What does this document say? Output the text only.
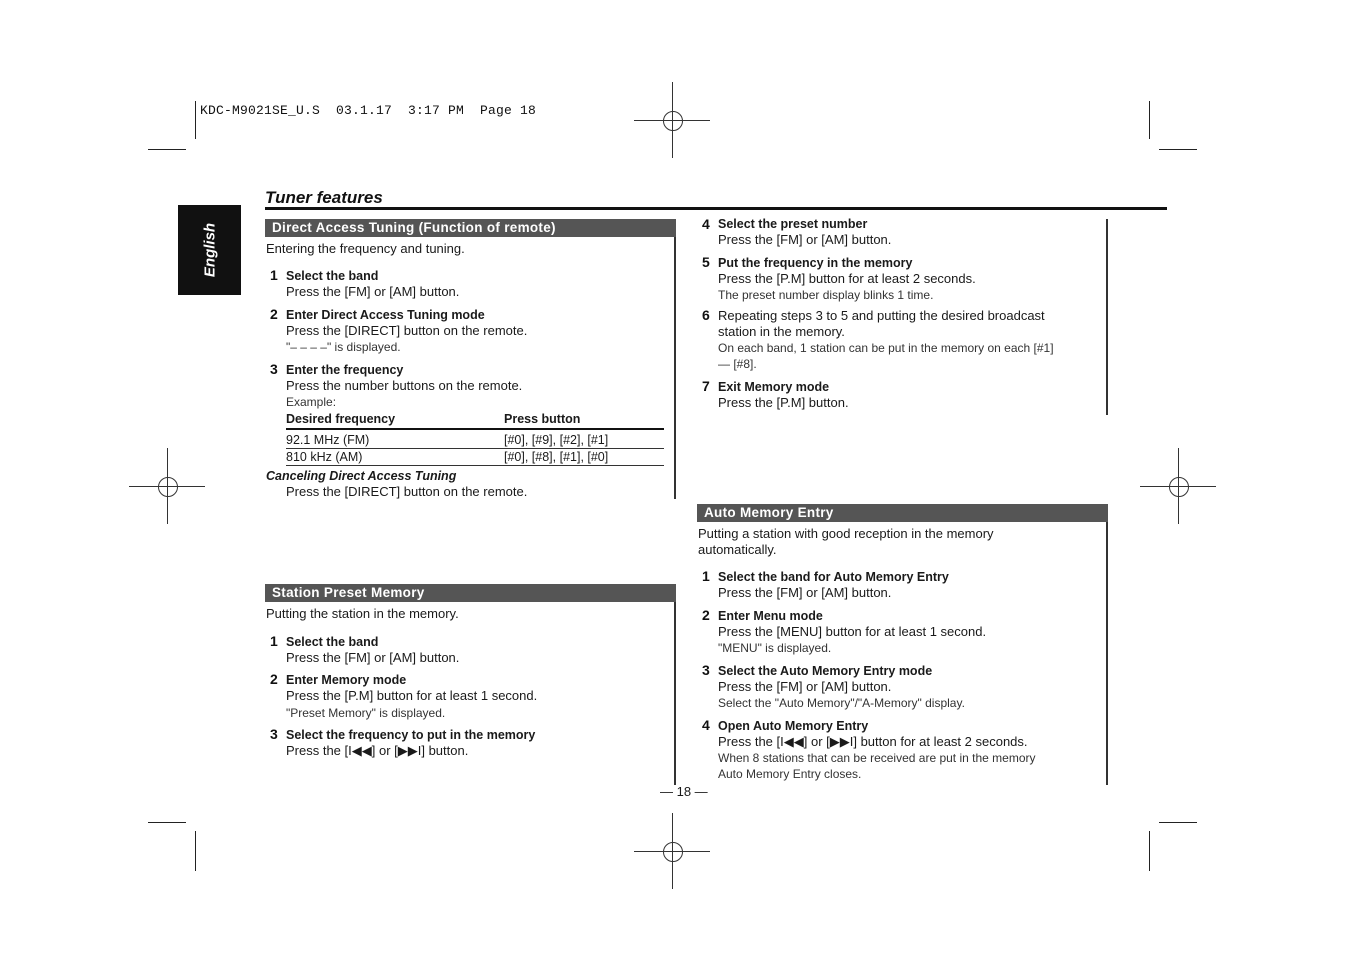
KDC-M9021SE_U.S  03.1.17  3:17 PM  Page 18
English
Tuner features
Direct Access Tuning (Function of remote)
Entering the frequency and tuning.
1 Select the band
Press the [FM] or [AM] button.
2 Enter Direct Access Tuning mode
Press the [DIRECT] button on the remote.
"– – – –" is displayed.
3 Enter the frequency
Press the number buttons on the remote.
Example:
Desired frequency	Press button
92.1 MHz (FM)	[#0], [#9], [#2], [#1]
810 kHz (AM)	[#0], [#8], [#1], [#0]
Canceling Direct Access Tuning
Press the [DIRECT] button on the remote.
Station Preset Memory
Putting the station in the memory.
1 Select the band
Press the [FM] or [AM] button.
2 Enter Memory mode
Press the [P.M] button for at least 1 second.
"Preset Memory" is displayed.
3 Select the frequency to put in the memory
Press the [I◀◀] or [▶▶I] button.
4 Select the preset number
Press the [FM] or [AM] button.
5 Put the frequency in the memory
Press the [P.M] button for at least 2 seconds.
The preset number display blinks 1 time.
6 Repeating steps 3 to 5 and putting the desired broadcast
station in the memory.
On each band, 1 station can be put in the memory on each [#1]
— [#8].
7 Exit Memory mode
Press the [P.M] button.
Auto Memory Entry
Putting a station with good reception in the memory
automatically.
1 Select the band for Auto Memory Entry
Press the [FM] or [AM] button.
2 Enter Menu mode
Press the [MENU] button for at least 1 second.
"MENU" is displayed.
3 Select the Auto Memory Entry mode
Press the [FM] or [AM] button.
Select the "Auto Memory"/"A-Memory" display.
4 Open Auto Memory Entry
Press the [I◀◀] or [▶▶I] button for at least 2 seconds.
When 8 stations that can be received are put in the memory
Auto Memory Entry closes.
— 18 —
